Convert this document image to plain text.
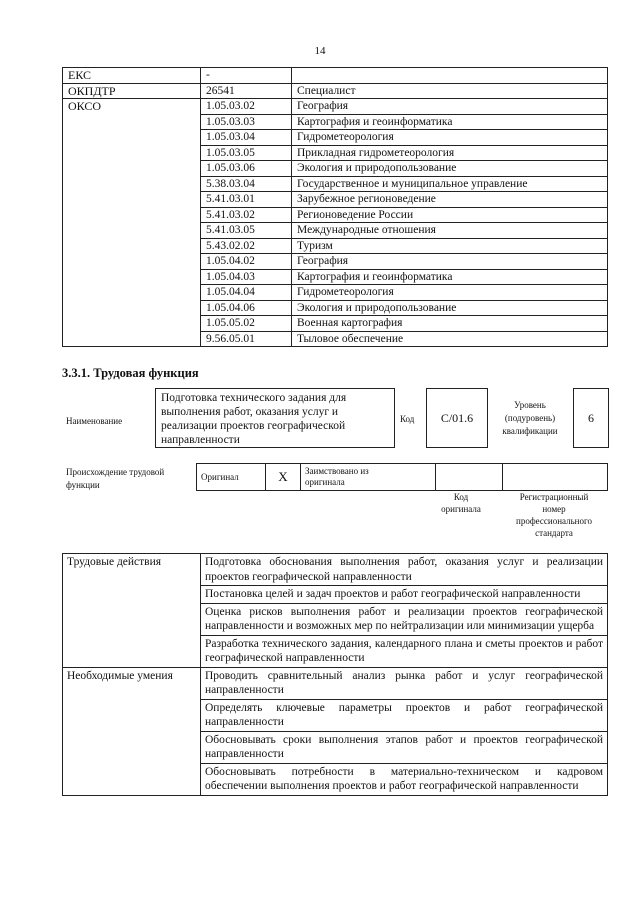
14
ЕКС	-	
ОКПДТР	26541	Специалист
ОКСО	1.05.03.02	География
	1.05.03.03	Картография и геоинформатика
	1.05.03.04	Гидрометеорология
	1.05.03.05	Прикладная гидрометеорология
	1.05.03.06	Экология и природопользование
	5.38.03.04	Государственное и муниципальное управление
	5.41.03.01	Зарубежное регионоведение
	5.41.03.02	Регионоведение России
	5.41.03.05	Международные отношения
	5.43.02.02	Туризм
	1.05.04.02	География
	1.05.04.03	Картография и геоинформатика
	1.05.04.04	Гидрометеорология
	1.05.04.06	Экология и природопользование
	1.05.05.02	Военная картография
	9.56.05.01	Тыловое обеспечение
3.3.1. Трудовая функция
Наименование
Подготовка технического задания для выполнения работ, оказания услуг и реализации проектов географической направленности
Код	C/01.6
Уровень
(подуровень)
квалификации
6
Происхождение трудовой
функции
Оригинал	X	Заимствовано из
оригинала

Код
оригинала
Регистрационный
номер
профессионального
стандарта
Трудовые действия	Подготовка обоснования выполнения работ, оказания услуг и реализации проектов географической направленности
	Постановка целей и задач проектов и работ географической направленности
	Оценка рисков выполнения работ и реализации проектов географической направленности и возможных мер по нейтрализации или минимизации ущерба
	Разработка технического задания, календарного плана и сметы проектов и работ географической направленности
Необходимые умения	Проводить сравнительный анализ рынка работ и услуг географической направленности
	Определять ключевые параметры проектов и работ географической направленности
	Обосновывать сроки выполнения этапов работ и проектов географической направленности
	Обосновывать потребности в материально-техническом и кадровом обеспечении выполнения проектов и работ географической направленности
